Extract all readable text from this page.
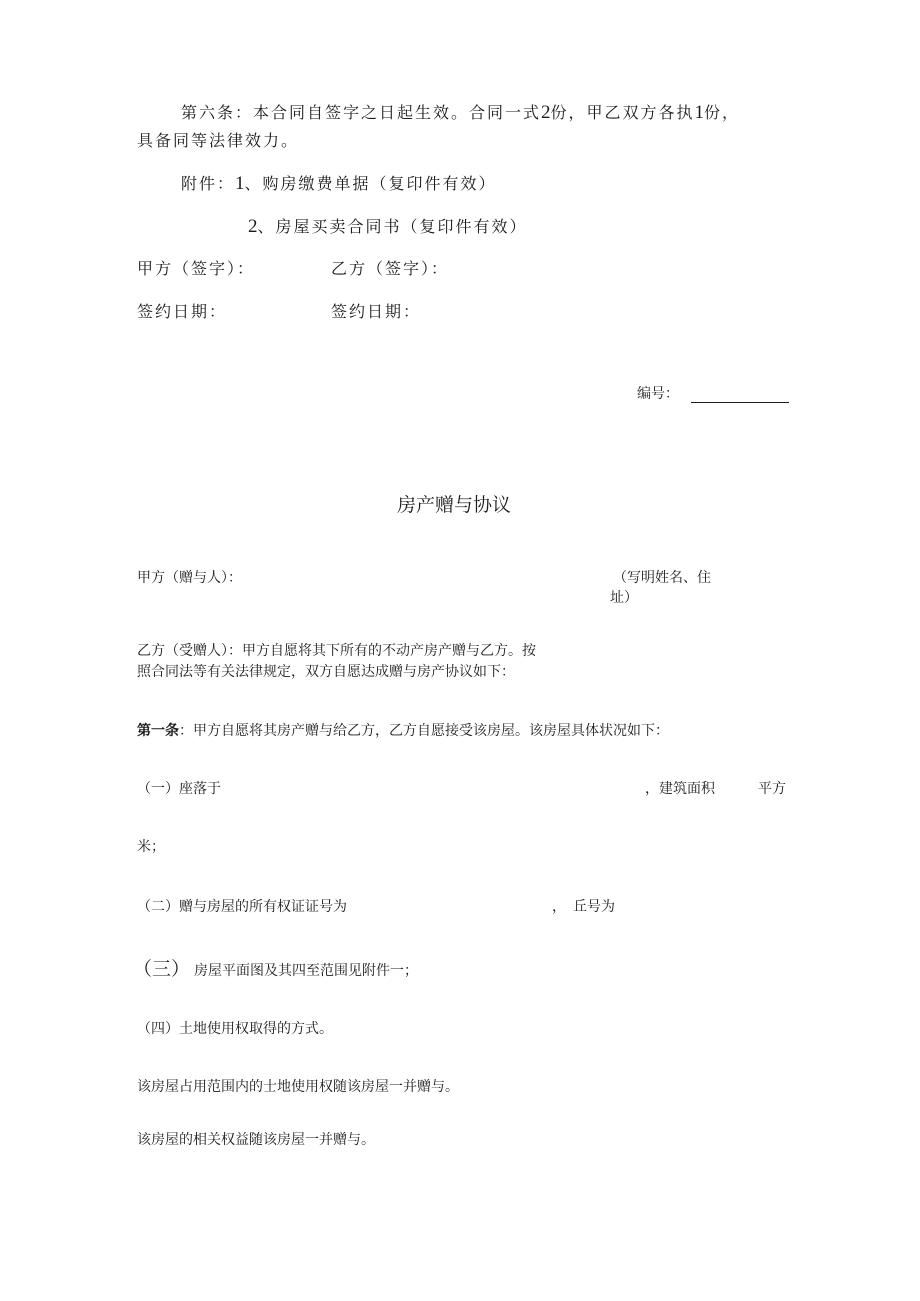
第六条：本合同自签字之日起生效。合同一式2份，甲乙双方各执1份，
具备同等法律效力。
附件：1、购房缴费单据（复印件有效）
2、房屋买卖合同书（复印件有效）
甲方（签字）：	乙方（签字）：
签约日期：	签约日期：
编号：
房产赠与协议
甲方（赠与人）：	（写明姓名、住
址）
乙方（受赠人）：甲方自愿将其下所有的不动产房产赠与乙方。按
照合同法等有关法律规定，双方自愿达成赠与房产协议如下：
第一条：甲方自愿将其房产赠与给乙方，乙方自愿接受该房屋。该房屋具体状况如下：
（一）座落于	，建筑面积	平方
米；
（二）赠与房屋的所有权证证号为	， 丘号为
（三） 房屋平面图及其四至范围见附件一；
（四）土地使用权取得的方式。
该房屋占用范围内的士地使用权随该房屋一并赠与。
该房屋的相关权益随该房屋一并赠与。
